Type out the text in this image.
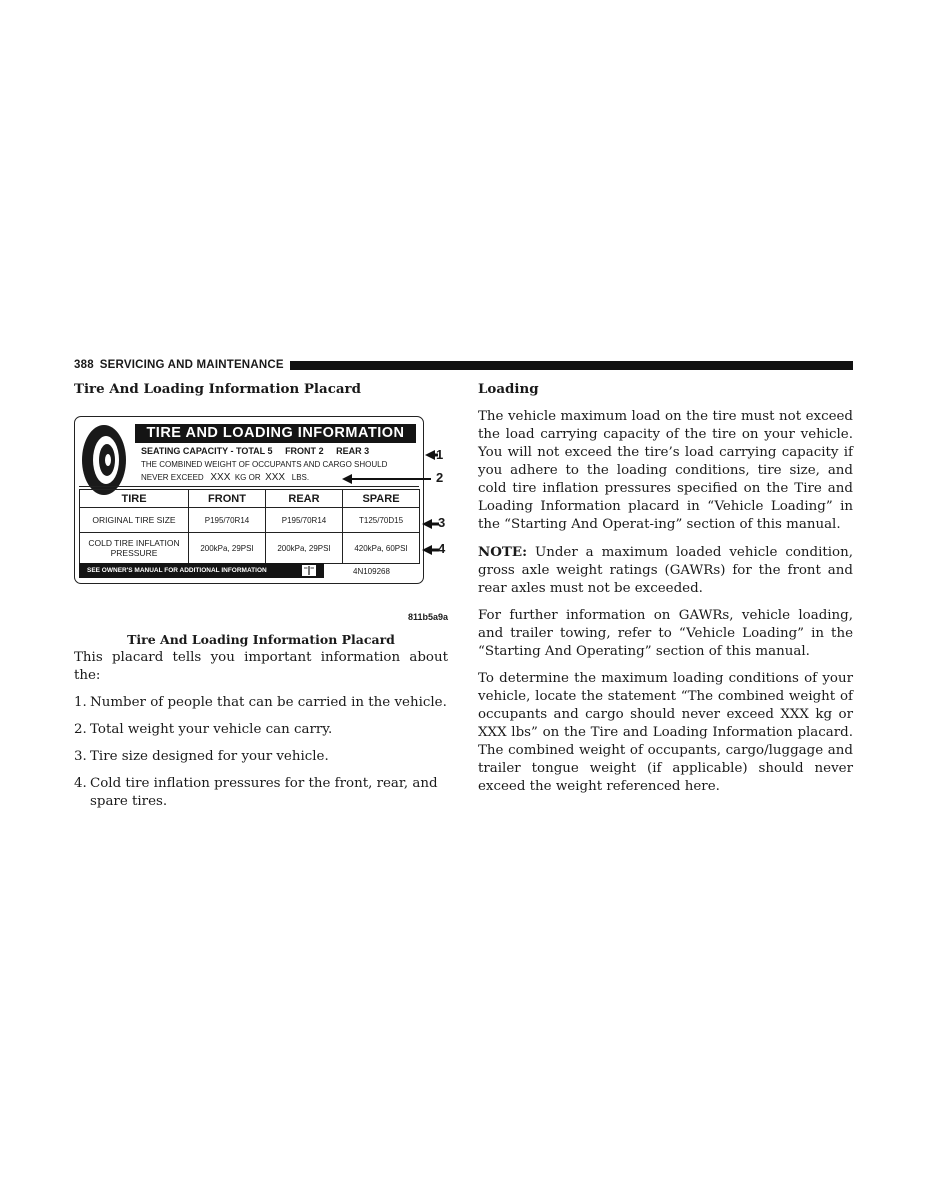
388 SERVICING AND MAINTENANCE
Tire And Loading Information Placard
TIRE AND LOADING INFORMATION
SEATING CAPACITY - TOTAL 5 FRONT 2 REAR 3
THE COMBINED WEIGHT OF OCCUPANTS AND CARGO SHOULD
NEVER EXCEED XXX KG OR XXX LBS.
TIRE	FRONT	REAR	SPARE
ORIGINAL TIRE SIZE	P195/70R14	P195/70R14	T125/70D15
COLD TIRE INFLATION PRESSURE	200kPa, 29PSI	200kPa, 29PSI	420kPa, 60PSI
SEE OWNER'S MANUAL FOR ADDITIONAL INFORMATION	4N109268
1
2
3
4
811b5a9a
Tire And Loading Information Placard

This placard tells you important information about the:

1. Number of people that can be carried in the vehicle.
2. Total weight your vehicle can carry.
3. Tire size designed for your vehicle.
4. Cold tire inflation pressures for the front, rear, and spare tires.
Loading

The vehicle maximum load on the tire must not exceed the load carrying capacity of the tire on your vehicle. You will not exceed the tire’s load carrying capacity if you adhere to the loading conditions, tire size, and cold tire inflation pressures specified on the Tire and Loading Information placard in “Vehicle Loading” in the “Starting And Operat-ing” section of this manual.

NOTE: Under a maximum loaded vehicle condition, gross axle weight ratings (GAWRs) for the front and rear axles must not be exceeded.

For further information on GAWRs, vehicle loading, and trailer towing, refer to “Vehicle Loading” in the “Starting And Operating” section of this manual.

To determine the maximum loading conditions of your vehicle, locate the statement “The combined weight of occupants and cargo should never exceed XXX kg or XXX lbs” on the Tire and Loading Information placard. The combined weight of occupants, cargo/luggage and trailer tongue weight (if applicable) should never exceed the weight referenced here.
